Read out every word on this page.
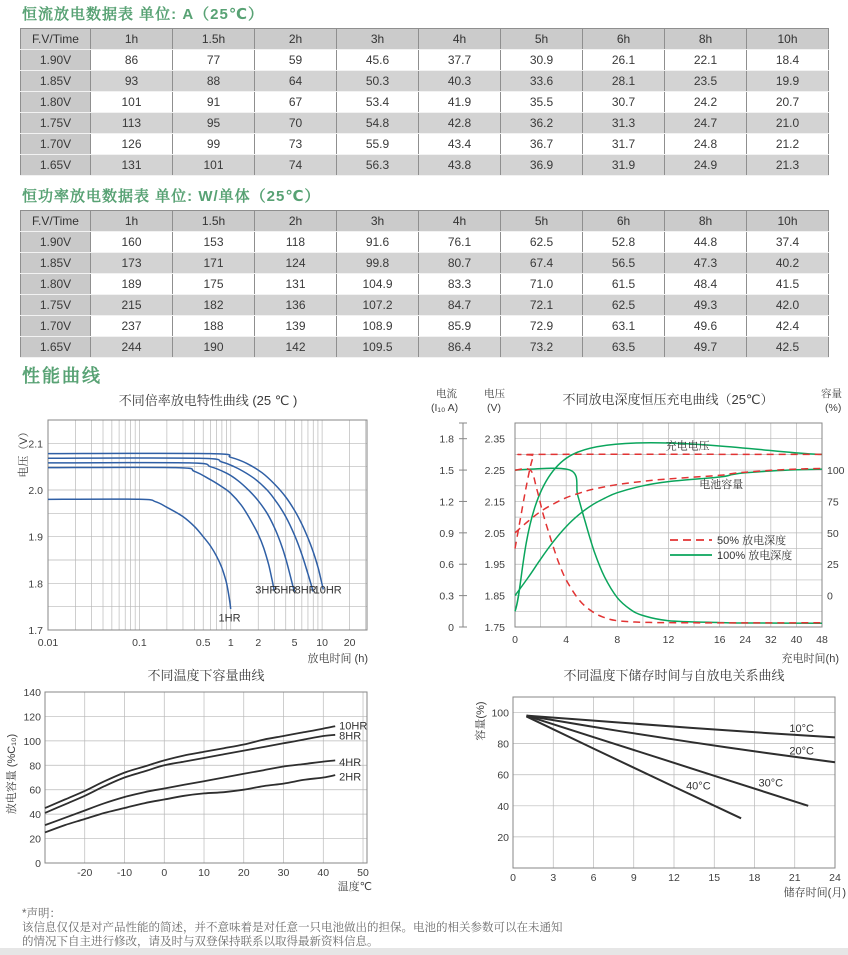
恒流放电数据表 单位: A（25℃）
F.V/Time	1h	1.5h	2h	3h	4h	5h	6h	8h	10h
1.90V	86	77	59	45.6	37.7	30.9	26.1	22.1	18.4
1.85V	93	88	64	50.3	40.3	33.6	28.1	23.5	19.9
1.80V	101	91	67	53.4	41.9	35.5	30.7	24.2	20.7
1.75V	113	95	70	54.8	42.8	36.2	31.3	24.7	21.0
1.70V	126	99	73	55.9	43.4	36.7	31.7	24.8	21.2
1.65V	131	101	74	56.3	43.8	36.9	31.9	24.9	21.3
恒功率放电数据表 单位: W/单体（25℃）
F.V/Time	1h	1.5h	2h	3h	4h	5h	6h	8h	10h
1.90V	160	153	118	91.6	76.1	62.5	52.8	44.8	37.4
1.85V	173	171	124	99.8	80.7	67.4	56.5	47.3	40.2
1.80V	189	175	131	104.9	83.3	71.0	61.5	48.4	41.5
1.75V	215	182	136	107.2	84.7	72.1	62.5	49.3	42.0
1.70V	237	188	139	108.9	85.9	72.9	63.1	49.6	42.4
1.65V	244	190	142	109.5	86.4	73.2	63.5	49.7	42.5
性能曲线
0.01	0.1	0.5 1 2	5 10 20
1.7
1.8
1.9
2.0
2.1
不同倍率放电特性曲线 (25 ℃ )
放电时间 (h)
电压（V）
1HR
3HR
5HR
8HR
10HR
0	4	8	12	16 24 32 40 48
1.75
1.85
1.95
2.05
2.15
2.25
2.35
不同放电深度恒压充电曲线（25℃）
充电时间(h)
充电电压
电池容量
0
0.3
0.6
0.9
1.2
1.5
1.8
100
75
50
25
0
电流
(I₁₀ A)
电压
(V)
容量
(%)
50% 放电深度
100% 放电深度
-20 -10	0	10	20	30	40	50
0
20
40
60
80
100
120
140
不同温度下容量曲线
温度℃
放电容量 (%C₁₀)
10HR
8HR
4HR
2HR
0	3	6	9	12	15	18	21	24
20
40
60
80
100
不同温度下储存时间与自放电关系曲线
储存时间(月)
容量(%)	10°C
20°C
30°C
40°C
*声明：
该信息仅仅是对产品性能的简述，并不意味着是对任意一只电池做出的担保。电池的相关参数可以在未通知
的情况下自主进行修改，请及时与双登保持联系以取得最新资料信息。
